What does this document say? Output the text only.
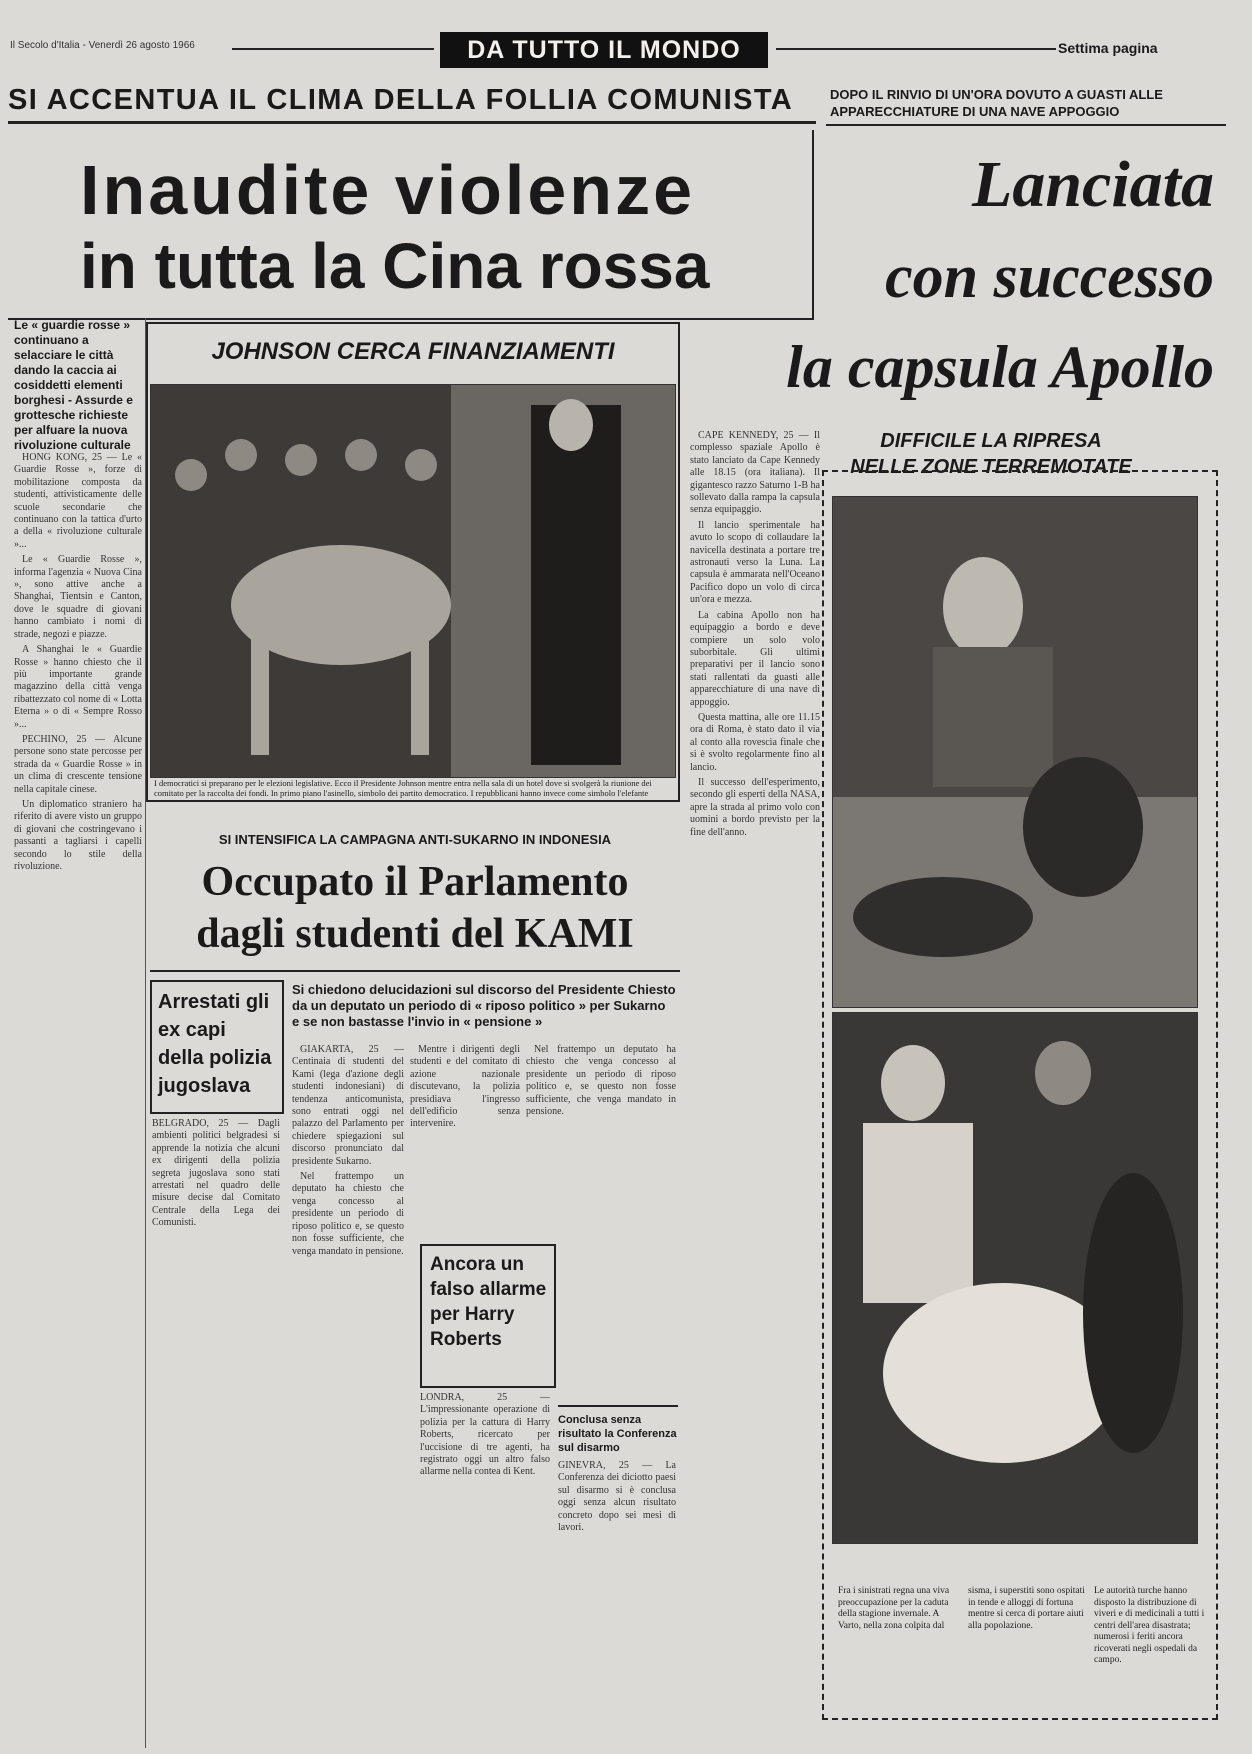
Il Secolo d'Italia - Venerdì 26 agosto 1966	DA TUTTO IL MONDO	Settima pagina
SI ACCENTUA IL CLIMA DELLA FOLLIA COMUNISTA
Inaudite violenze
in tutta la Cina rossa
DOPO IL RINVIO DI UN'ORA DOVUTO A GUASTI ALLE APPARECCHIATURE DI UNA NAVE APPOGGIO
Lanciata
con successo
la capsula Apollo
Le « guardie rosse » continuano a selacciare le città dando la caccia ai cosiddetti elementi borghesi - Assurde e grottesche richieste per alfuare la nuova rivoluzione culturale

HONG KONG, 25 — Le « Guardie Rosse », forze di mobilitazione composta da studenti, attivisticamente delle scuole secondarie che continuano con la tattica d'urto a della « rivoluzione culturale »...

Le « Guardie Rosse », informa l'agenzia « Nuova Cina », sono attive anche a Shanghai, Tientsin e Canton, dove le squadre di giovani hanno cambiato i nomi di strade, negozi e piazze.

A Shanghai le « Guardie Rosse » hanno chiesto che il più importante grande magazzino della città venga ribattezzato col nome di « Lotta Eterna » o di « Sempre Rosso »...

PECHINO, 25 — Alcune persone sono state percosse per strada da « Guardie Rosse » in un clima di crescente tensione nella capitale cinese.

Un diplomatico straniero ha riferito di avere visto un gruppo di giovani che costringevano i passanti a tagliarsi i capelli secondo lo stile della rivoluzione.

JOHNSON CERCA FINANZIAMENTI
I democratici si preparano per le elezioni legislative. Ecco il Presidente Johnson mentre entra nella sala di un hotel dove si svolgerà la riunione dei comitato per la raccolta dei fondi. In primo piano l'asinello, simbolo dei partito democratico. I repubblicani hanno invece come simbolo l'elefante
SI INTENSIFICA LA CAMPAGNA ANTI-SUKARNO IN INDONESIA
Occupato il Parlamento
dagli studenti del KAMI
Arrestati gli ex capi della polizia jugoslava
BELGRADO, 25 — Dagli ambienti politici belgradesi si apprende la notizia che alcuni ex dirigenti della polizia segreta jugoslava sono stati arrestati nel quadro delle misure decise dal Comitato Centrale della Lega dei Comunisti.
Si chiedono delucidazioni sul discorso del Presidente Chiesto da un deputato un periodo di « riposo politico » per Sukarno e se non bastasse l'invio in « pensione »

GIAKARTA, 25 — Centinaia di studenti del Kami (lega d'azione degli studenti indonesiani) di tendenza anticomunista, sono entrati oggi nel palazzo del Parlamento per chiedere spiegazioni sul discorso pronunciato dal presidente Sukarno.

Nel frattempo un deputato ha chiesto che venga concesso al presidente un periodo di riposo politico e, se questo non fosse sufficiente, che venga mandato in pensione.

Mentre i dirigenti degli studenti e del comitato di azione nazionale discutevano, la polizia presidiava l'ingresso dell'edificio senza intervenire.

Nel frattempo un deputato ha chiesto che venga concesso al presidente un periodo di riposo politico e, se questo non fosse sufficiente, che venga mandato in pensione.

Ancora un falso allarme per Harry Roberts
LONDRA, 25 — L'impressionante operazione di polizia per la cattura di Harry Roberts, ricercato per l'uccisione di tre agenti, ha registrato oggi un altro falso allarme nella contea di Kent.
Conclusa senza risultato la Conferenza sul disarmo
GINEVRA, 25 — La Conferenza dei diciotto paesi sul disarmo si è conclusa oggi senza alcun risultato concreto dopo sei mesi di lavori.

CAPE KENNEDY, 25 — Il complesso spaziale Apollo è stato lanciato da Cape Kennedy alle 18.15 (ora italiana). Il gigantesco razzo Saturno 1-B ha sollevato dalla rampa la capsula senza equipaggio.

Il lancio sperimentale ha avuto lo scopo di collaudare la navicella destinata a portare tre astronauti verso la Luna. La capsula è ammarata nell'Oceano Pacifico dopo un volo di circa un'ora e mezza.

La cabina Apollo non ha equipaggio a bordo e deve compiere un solo volo suborbitale. Gli ultimi preparativi per il lancio sono stati rallentati da guasti alle apparecchiature di una nave di appoggio.

Questa mattina, alle ore 11.15 ora di Roma, è stato dato il via al conto alla rovescia finale che si è svolto regolarmente fino al lancio.

Il successo dell'esperimento, secondo gli esperti della NASA, apre la strada al primo volo con uomini a bordo previsto per la fine dell'anno.

DIFFICILE LA RIPRESA
NELLE ZONE TERREMOTATE
Fra i sinistrati regna una viva preoccupazione per la caduta della stagione invernale. A Varto, nella zona colpita dal sisma, i superstiti sono ospitati in tende e alloggi di fortuna mentre si cerca di portare aiuti alla popolazione.
Le autorità turche hanno disposto la distribuzione di viveri e di medicinali a tutti i centri dell'area disastrata; numerosi i feriti ancora ricoverati negli ospedali da campo.
